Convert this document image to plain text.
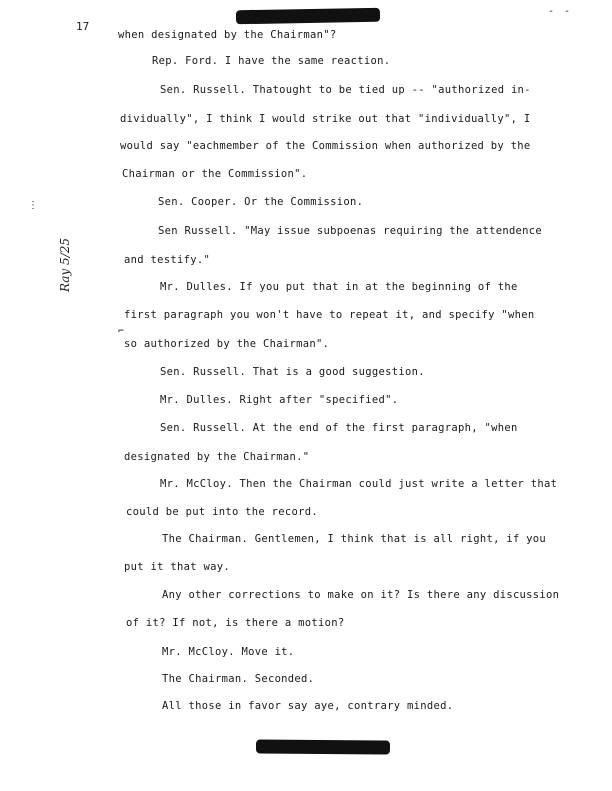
17
- -
⋮
⌐
Ray 5/25
when designated by the Chairman"?
Rep. Ford. I have the same reaction.
Sen. Russell. Thatought to be tied up -- "authorized in-
dividually", I think I would strike out that "individually", I
would say "eachmember of the Commission when authorized by the
Chairman or the Commission".
Sen. Cooper. Or the Commission.
Sen Russell. "May issue subpoenas requiring the attendence
and testify."
Mr. Dulles. If you put that in at the beginning of the
first paragraph you won't have to repeat it, and specify "when
so authorized by the Chairman".
Sen. Russell. That is a good suggestion.
Mr. Dulles. Right after "specified".
Sen. Russell. At the end of the first paragraph, "when
designated by the Chairman."
Mr. McCloy. Then the Chairman could just write a letter that
could be put into the record.
The Chairman. Gentlemen, I think that is all right, if you
put it that way.
Any other corrections to make on it? Is there any discussion
of it? If not, is there a motion?
Mr. McCloy. Move it.
The Chairman. Seconded.
All those in favor say aye, contrary minded.
